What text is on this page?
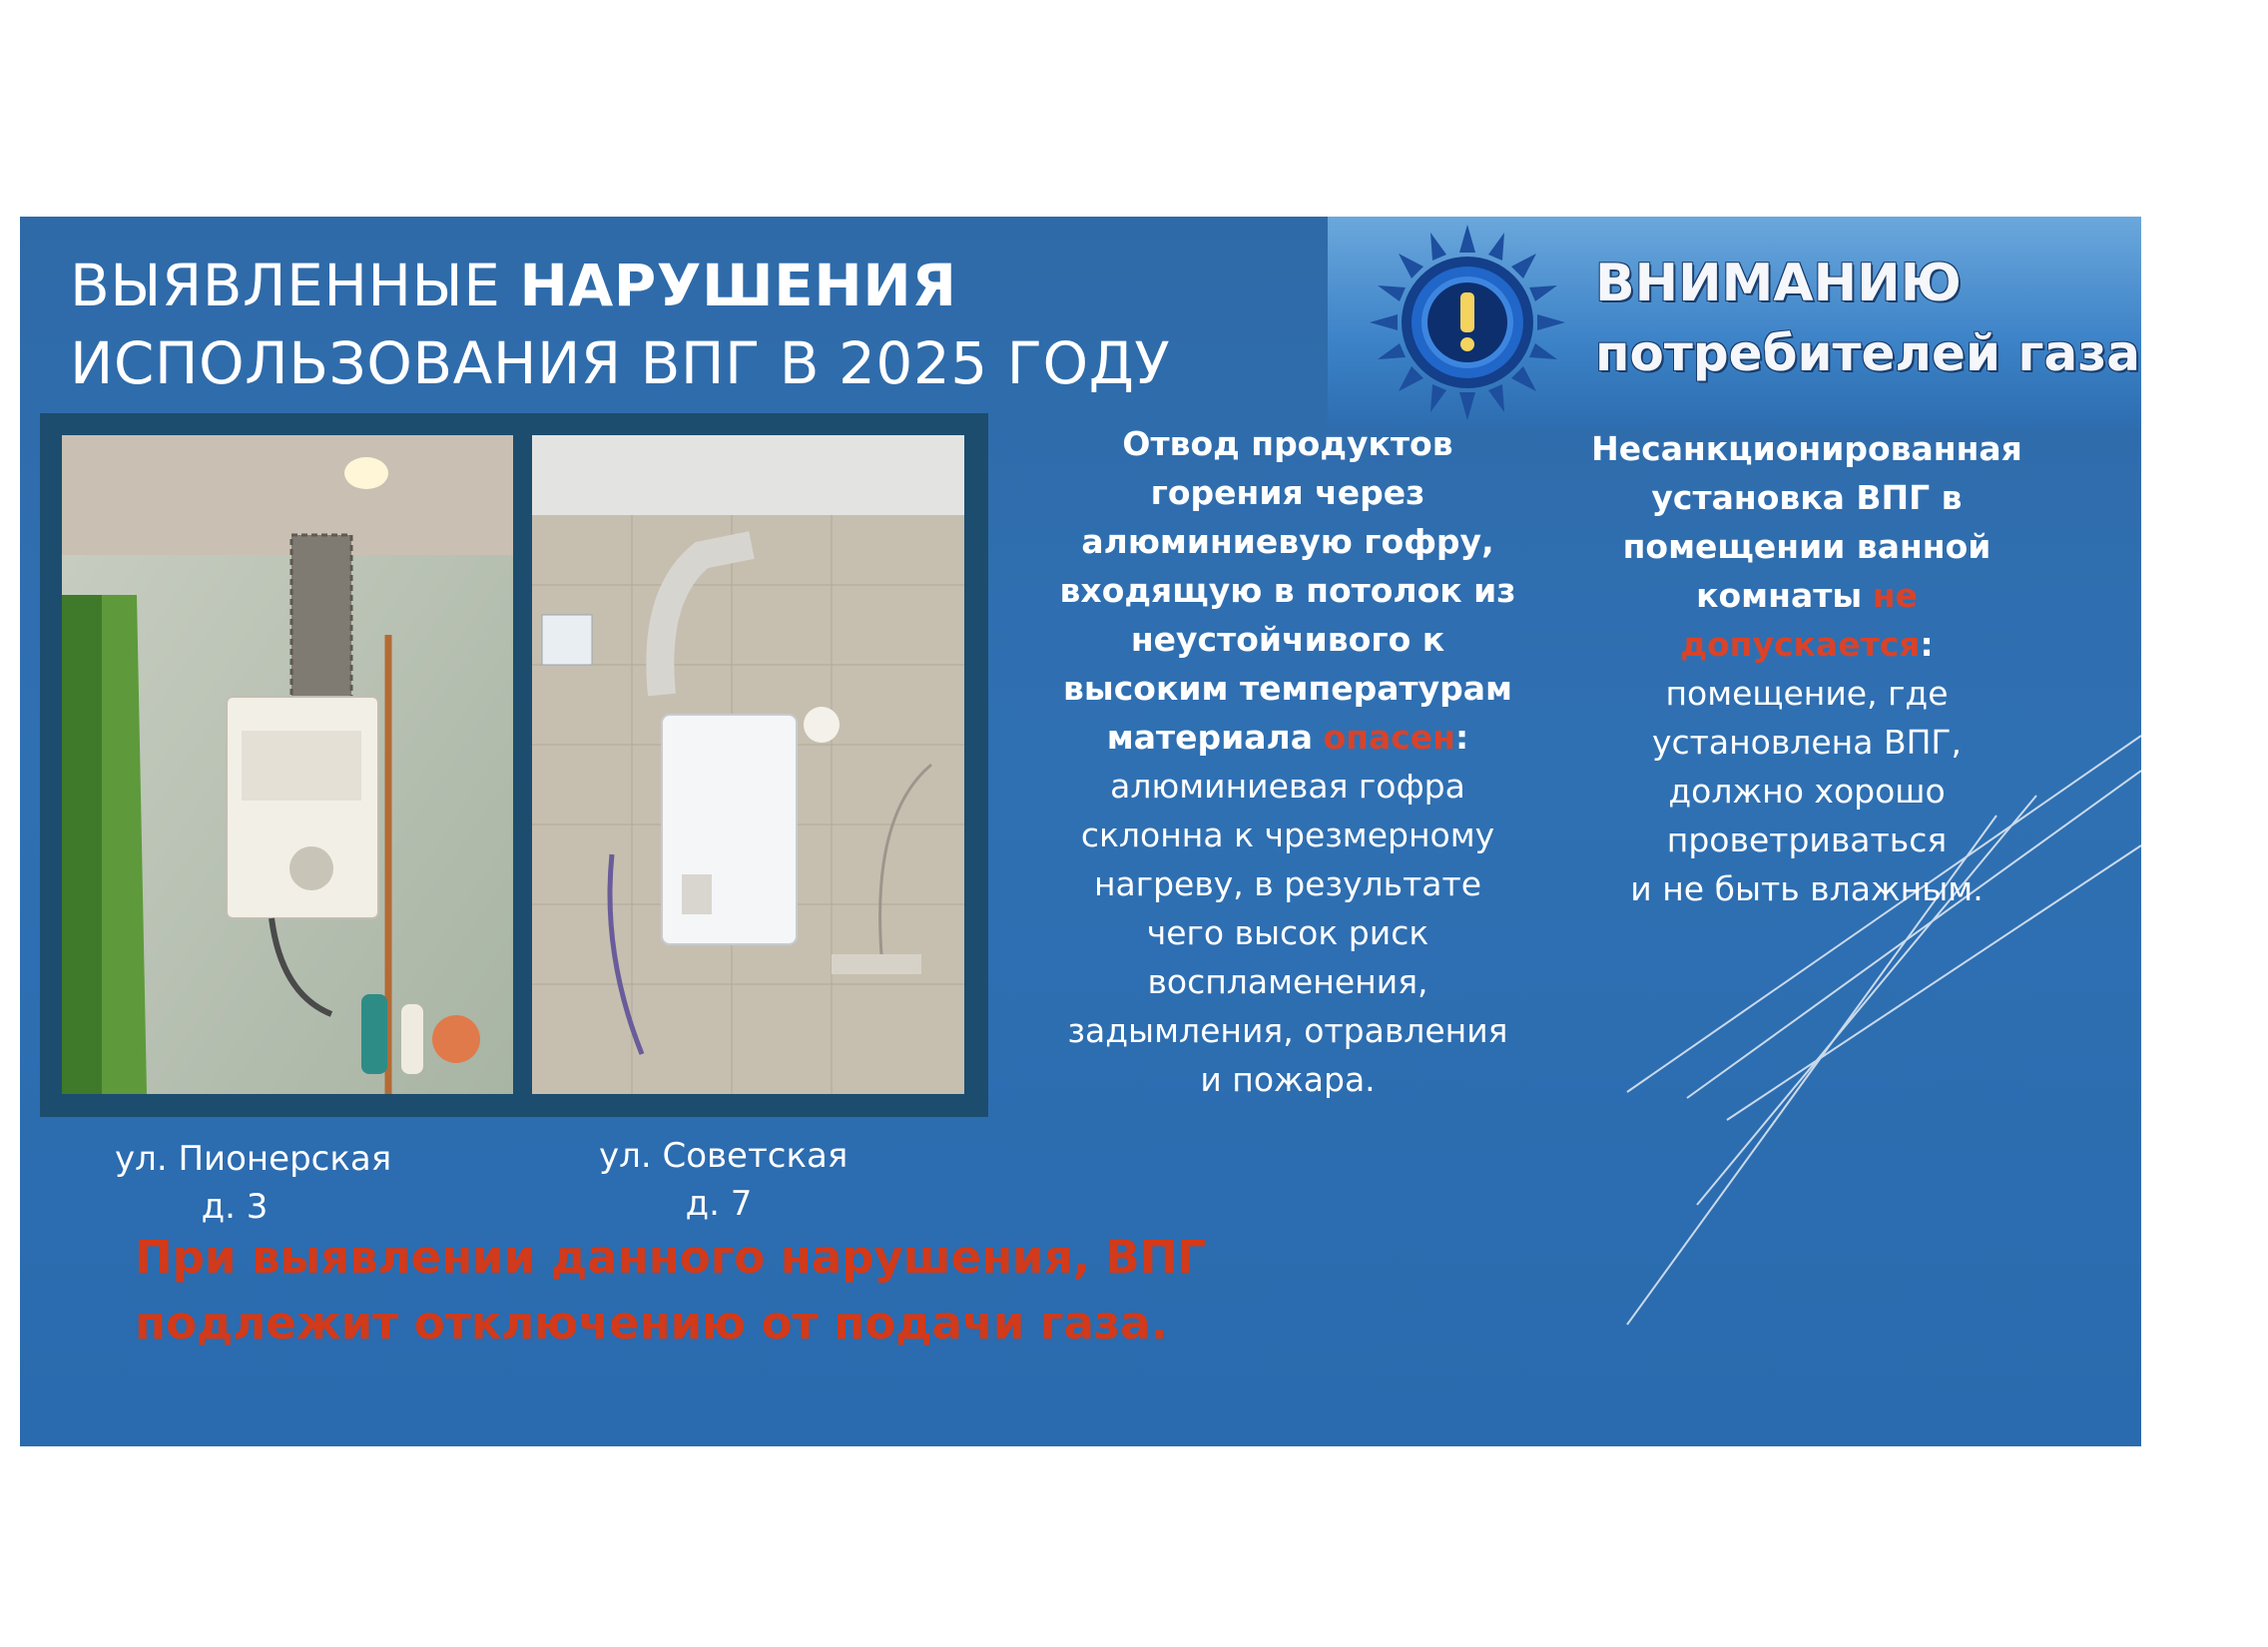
ВЫЯВЛЕННЫЕ НАРУШЕНИЯ
ИСПОЛЬЗОВАНИЯ ВПГ В 2025 ГОДУ
ВНИМАНИЮ
потребителей газа
ул. Пионерская
д. 3
ул. Советская
д. 7
Отвод продуктов
горения через
алюминиевую гофру,
входящую в потолок из
неустойчивого к
высоким температурам
материала опасен:
алюминиевая гофра
склонна к чрезмерному
нагреву, в результате
чего высок риск
воспламенения,
задымления, отравления
и пожара.
Несанкционированная
установка ВПГ в
помещении ванной
комнаты не
допускается:
помещение, где
установлена ВПГ,
должно хорошо
проветриваться
и не быть влажным.
При выявлении данного нарушения, ВПГ
подлежит отключению от подачи газа.
